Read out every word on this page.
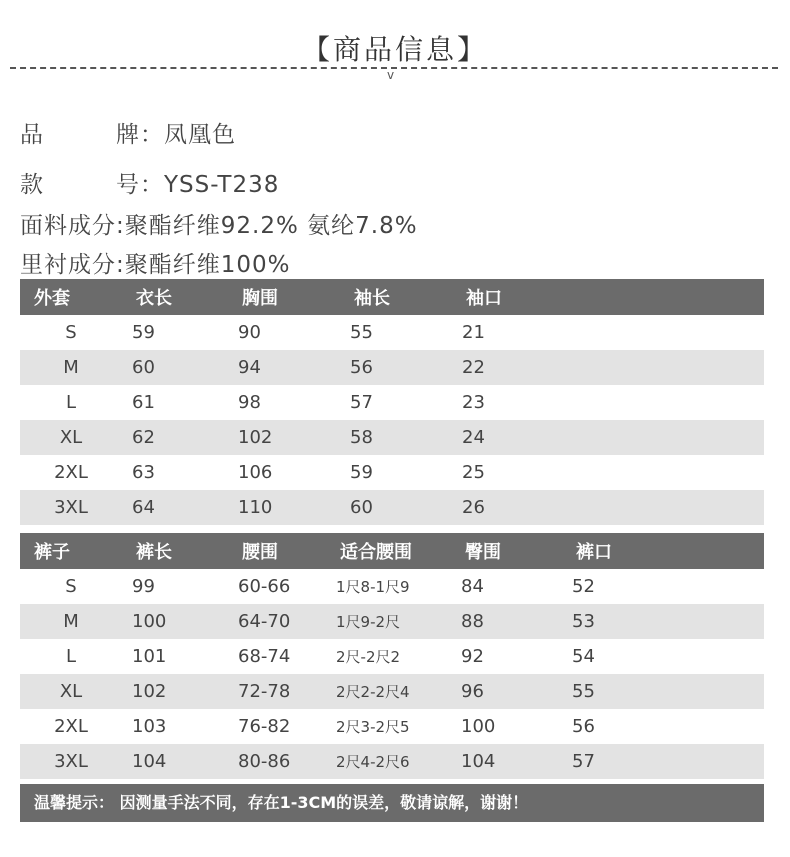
【商品信息】
v
品　　　牌：凤凰色
款　　　号：YSS-T238
面料成分:聚酯纤维92.2% 氨纶7.8%
里衬成分:聚酯纤维100%
外套	衣长	胸围	袖长	袖口
S	59	90	55	21
M	60	94	56	22
L	61	98	57	23
XL	62	102	58	24
2XL	63	106	59	25
3XL	64	110	60	26
裤子	裤长	腰围	适合腰围	臀围	裤口
S	99	60-66	1尺8-1尺9	84	52
M	100	64-70	1尺9-2尺	88	53
L	101	68-74	2尺-2尺2	92	54
XL	102	72-78	2尺2-2尺4	96	55
2XL	103	76-82	2尺3-2尺5	100	56
3XL	104	80-86	2尺4-2尺6	104	57
温馨提示： 因测量手法不同，存在1-3CM的误差，敬请谅解，谢谢！
